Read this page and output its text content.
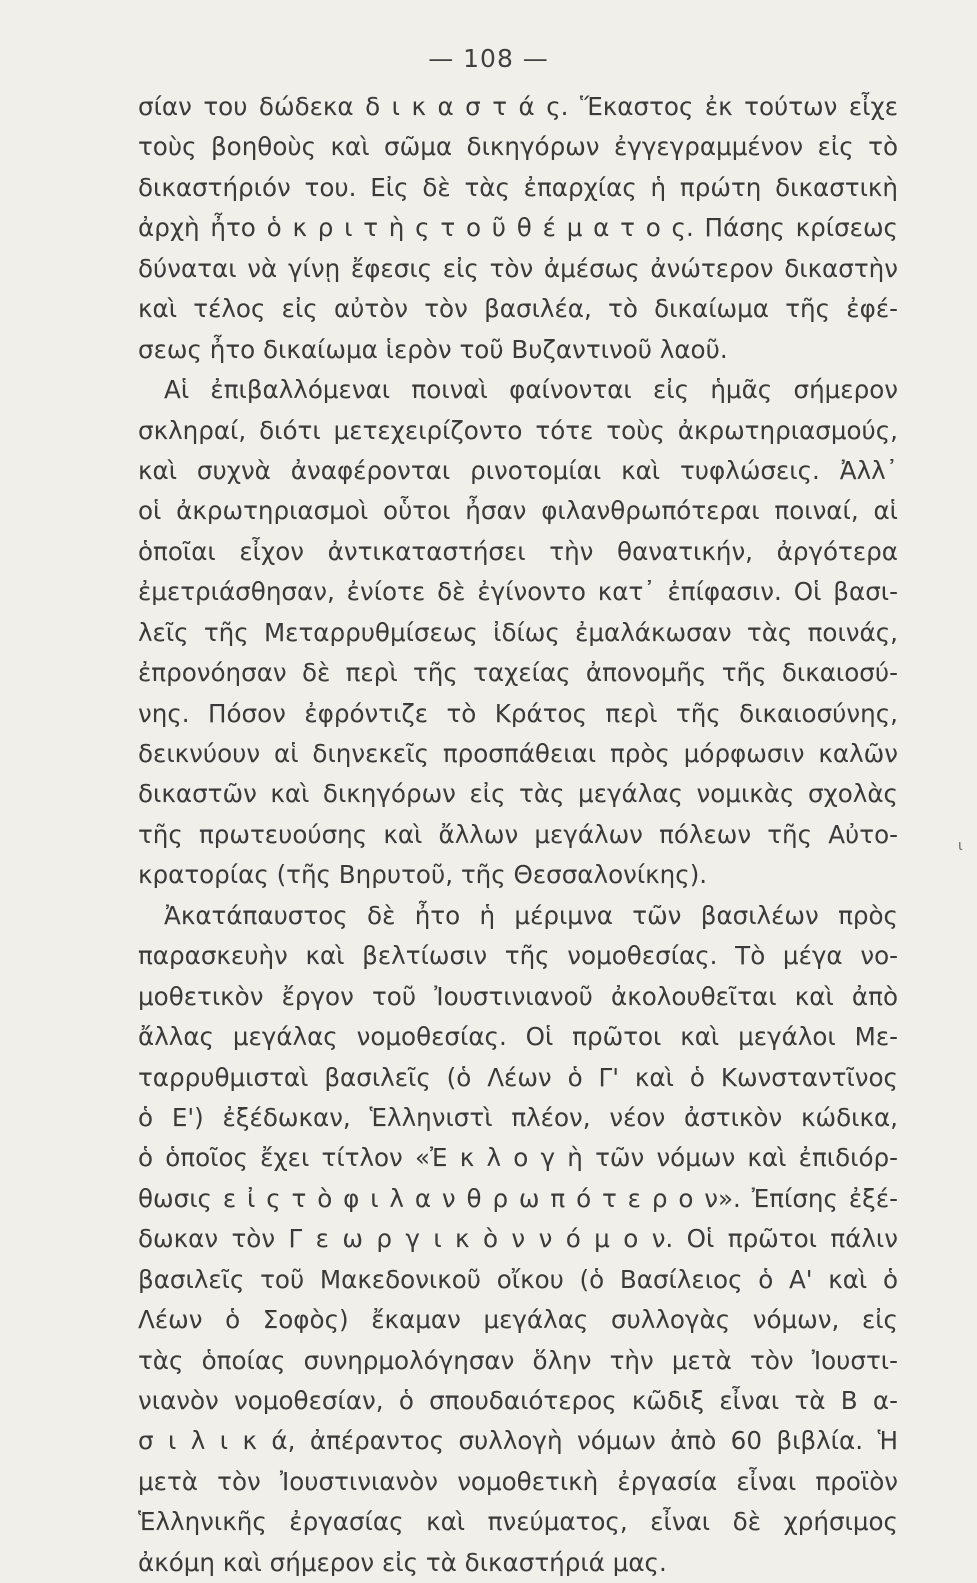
— 108 —
σίαν του δώδεκα δ ι κ α σ τ ά ς. Ἕκαστος ἐκ τούτων εἶχε
τοὺς βοηθοὺς καὶ σῶμα δικηγόρων ἐγγεγραμμένον εἰς τὸ
δικαστήριόν του. Εἰς δὲ τὰς ἐπαρχίας ἡ πρώτη δικαστικὴ
ἀρχὴ ἦτο ὁ κ ρ ι τ ὴ ς τ ο ῦ θ έ μ α τ ο ς. Πάσης κρίσεως
δύναται νὰ γίνῃ ἔφεσις εἰς τὸν ἀμέσως ἀνώτερον δικαστὴν
καὶ τέλος εἰς αὐτὸν τὸν βασιλέα, τὸ δικαίωμα τῆς ἐφέ-
σεως ἦτο δικαίωμα ἱερὸν τοῦ Βυζαντινοῦ λαοῦ.
Αἱ ἐπιβαλλόμεναι ποιναὶ φαίνονται εἰς ἡμᾶς σήμερον
σκληραί, διότι μετεχειρίζοντο τότε τοὺς ἀκρωτηριασμούς,
καὶ συχνὰ ἀναφέρονται ρινοτομίαι καὶ τυφλώσεις. Ἀλλ᾽
οἱ ἀκρωτηριασμοὶ οὗτοι ἦσαν φιλανθρωπότεραι ποιναί, αἱ
ὁποῖαι εἶχον ἀντικαταστήσει τὴν θανατικήν, ἀργότερα
ἐμετριάσθησαν, ἐνίοτε δὲ ἐγίνοντο κατ᾽ ἐπίφασιν. Οἱ βασι-
λεῖς τῆς Μεταρρυθμίσεως ἰδίως ἐμαλάκωσαν τὰς ποινάς,
ἐπρονόησαν δὲ περὶ τῆς ταχείας ἀπονομῆς τῆς δικαιοσύ-
νης. Πόσον ἐφρόντιζε τὸ Κράτος περὶ τῆς δικαιοσύνης,
δεικνύουν αἱ διηνεκεῖς προσπάθειαι πρὸς μόρφωσιν καλῶν
δικαστῶν καὶ δικηγόρων εἰς τὰς μεγάλας νομικὰς σχολὰς
τῆς πρωτευούσης καὶ ἄλλων μεγάλων πόλεων τῆς Αὐτο-
κρατορίας (τῆς Βηρυτοῦ, τῆς Θεσσαλονίκης).
Ἀκατάπαυστος δὲ ἦτο ἡ μέριμνα τῶν βασιλέων πρὸς
παρασκευὴν καὶ βελτίωσιν τῆς νομοθεσίας. Τὸ μέγα νο-
μοθετικὸν ἔργον τοῦ Ἰουστινιανοῦ ἀκολουθεῖται καὶ ἀπὸ
ἄλλας μεγάλας νομοθεσίας. Οἱ πρῶτοι καὶ μεγάλοι Με-
ταρρυθμισταὶ βασιλεῖς (ὁ Λέων ὁ Γ' καὶ ὁ Κωνσταντῖνος
ὁ Ε') ἐξέδωκαν, Ἑλληνιστὶ πλέον, νέον ἀστικὸν κώδικα,
ὁ ὁποῖος ἔχει τίτλον «Ἐ κ λ ο γ ὴ τῶν νόμων καὶ ἐπιδιόρ-
θωσις ε ἰ ς τ ὸ φ ι λ α ν θ ρ ω π ό τ ε ρ ο ν». Ἐπίσης ἐξέ-
δωκαν τὸν Γ ε ω ρ γ ι κ ὸ ν ν ό μ ο ν. Οἱ πρῶτοι πάλιν
βασιλεῖς τοῦ Μακεδονικοῦ οἴκου (ὁ Βασίλειος ὁ Α' καὶ ὁ
Λέων ὁ Σοφὸς) ἔκαμαν μεγάλας συλλογὰς νόμων, εἰς
τὰς ὁποίας συνηρμολόγησαν ὅλην τὴν μετὰ τὸν Ἰουστι-
νιανὸν νομοθεσίαν, ὁ σπουδαιότερος κῶδιξ εἶναι τὰ Β α-
σ ι λ ι κ ά, ἀπέραντος συλλογὴ νόμων ἀπὸ 60 βιβλία. Ἡ
μετὰ τὸν Ἰουστινιανὸν νομοθετικὴ ἐργασία εἶναι προϊὸν
Ἑλληνικῆς ἐργασίας καὶ πνεύματος, εἶναι δὲ χρήσιμος
ἀκόμη καὶ σήμερον εἰς τὰ δικαστήριά μας.
ι
